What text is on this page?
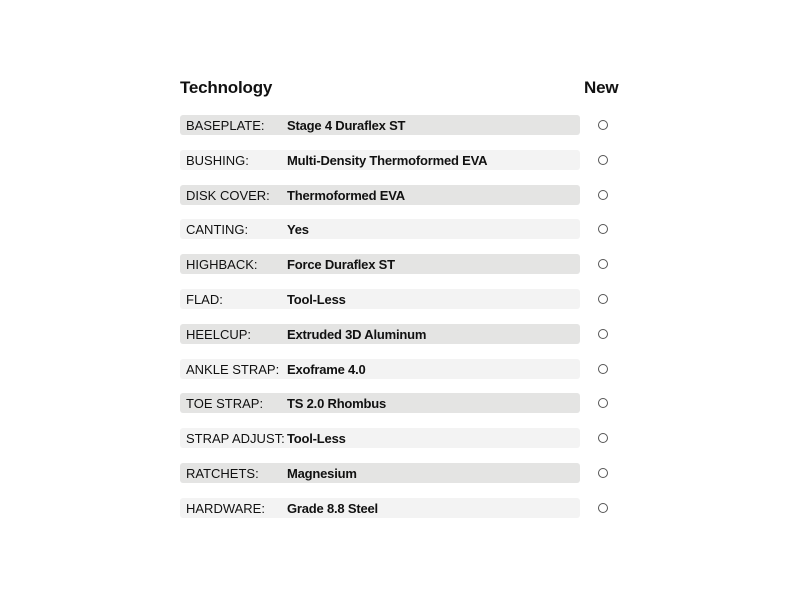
Technology	New
BASEPLATE: Stage 4 Duraflex ST
BUSHING:	Multi-Density Thermoformed EVA
DISK COVER: Thermoformed EVA
CANTING:	Yes
HIGHBACK: Force Duraflex ST
FLAD:	Tool-Less
HEELCUP:	Extruded 3D Aluminum
ANKLE STRAP: Exoframe 4.0
TOE STRAP: TS 2.0 Rhombus
STRAP ADJUST: Tool-Less
RATCHETS: Magnesium
HARDWARE: Grade 8.8 Steel
